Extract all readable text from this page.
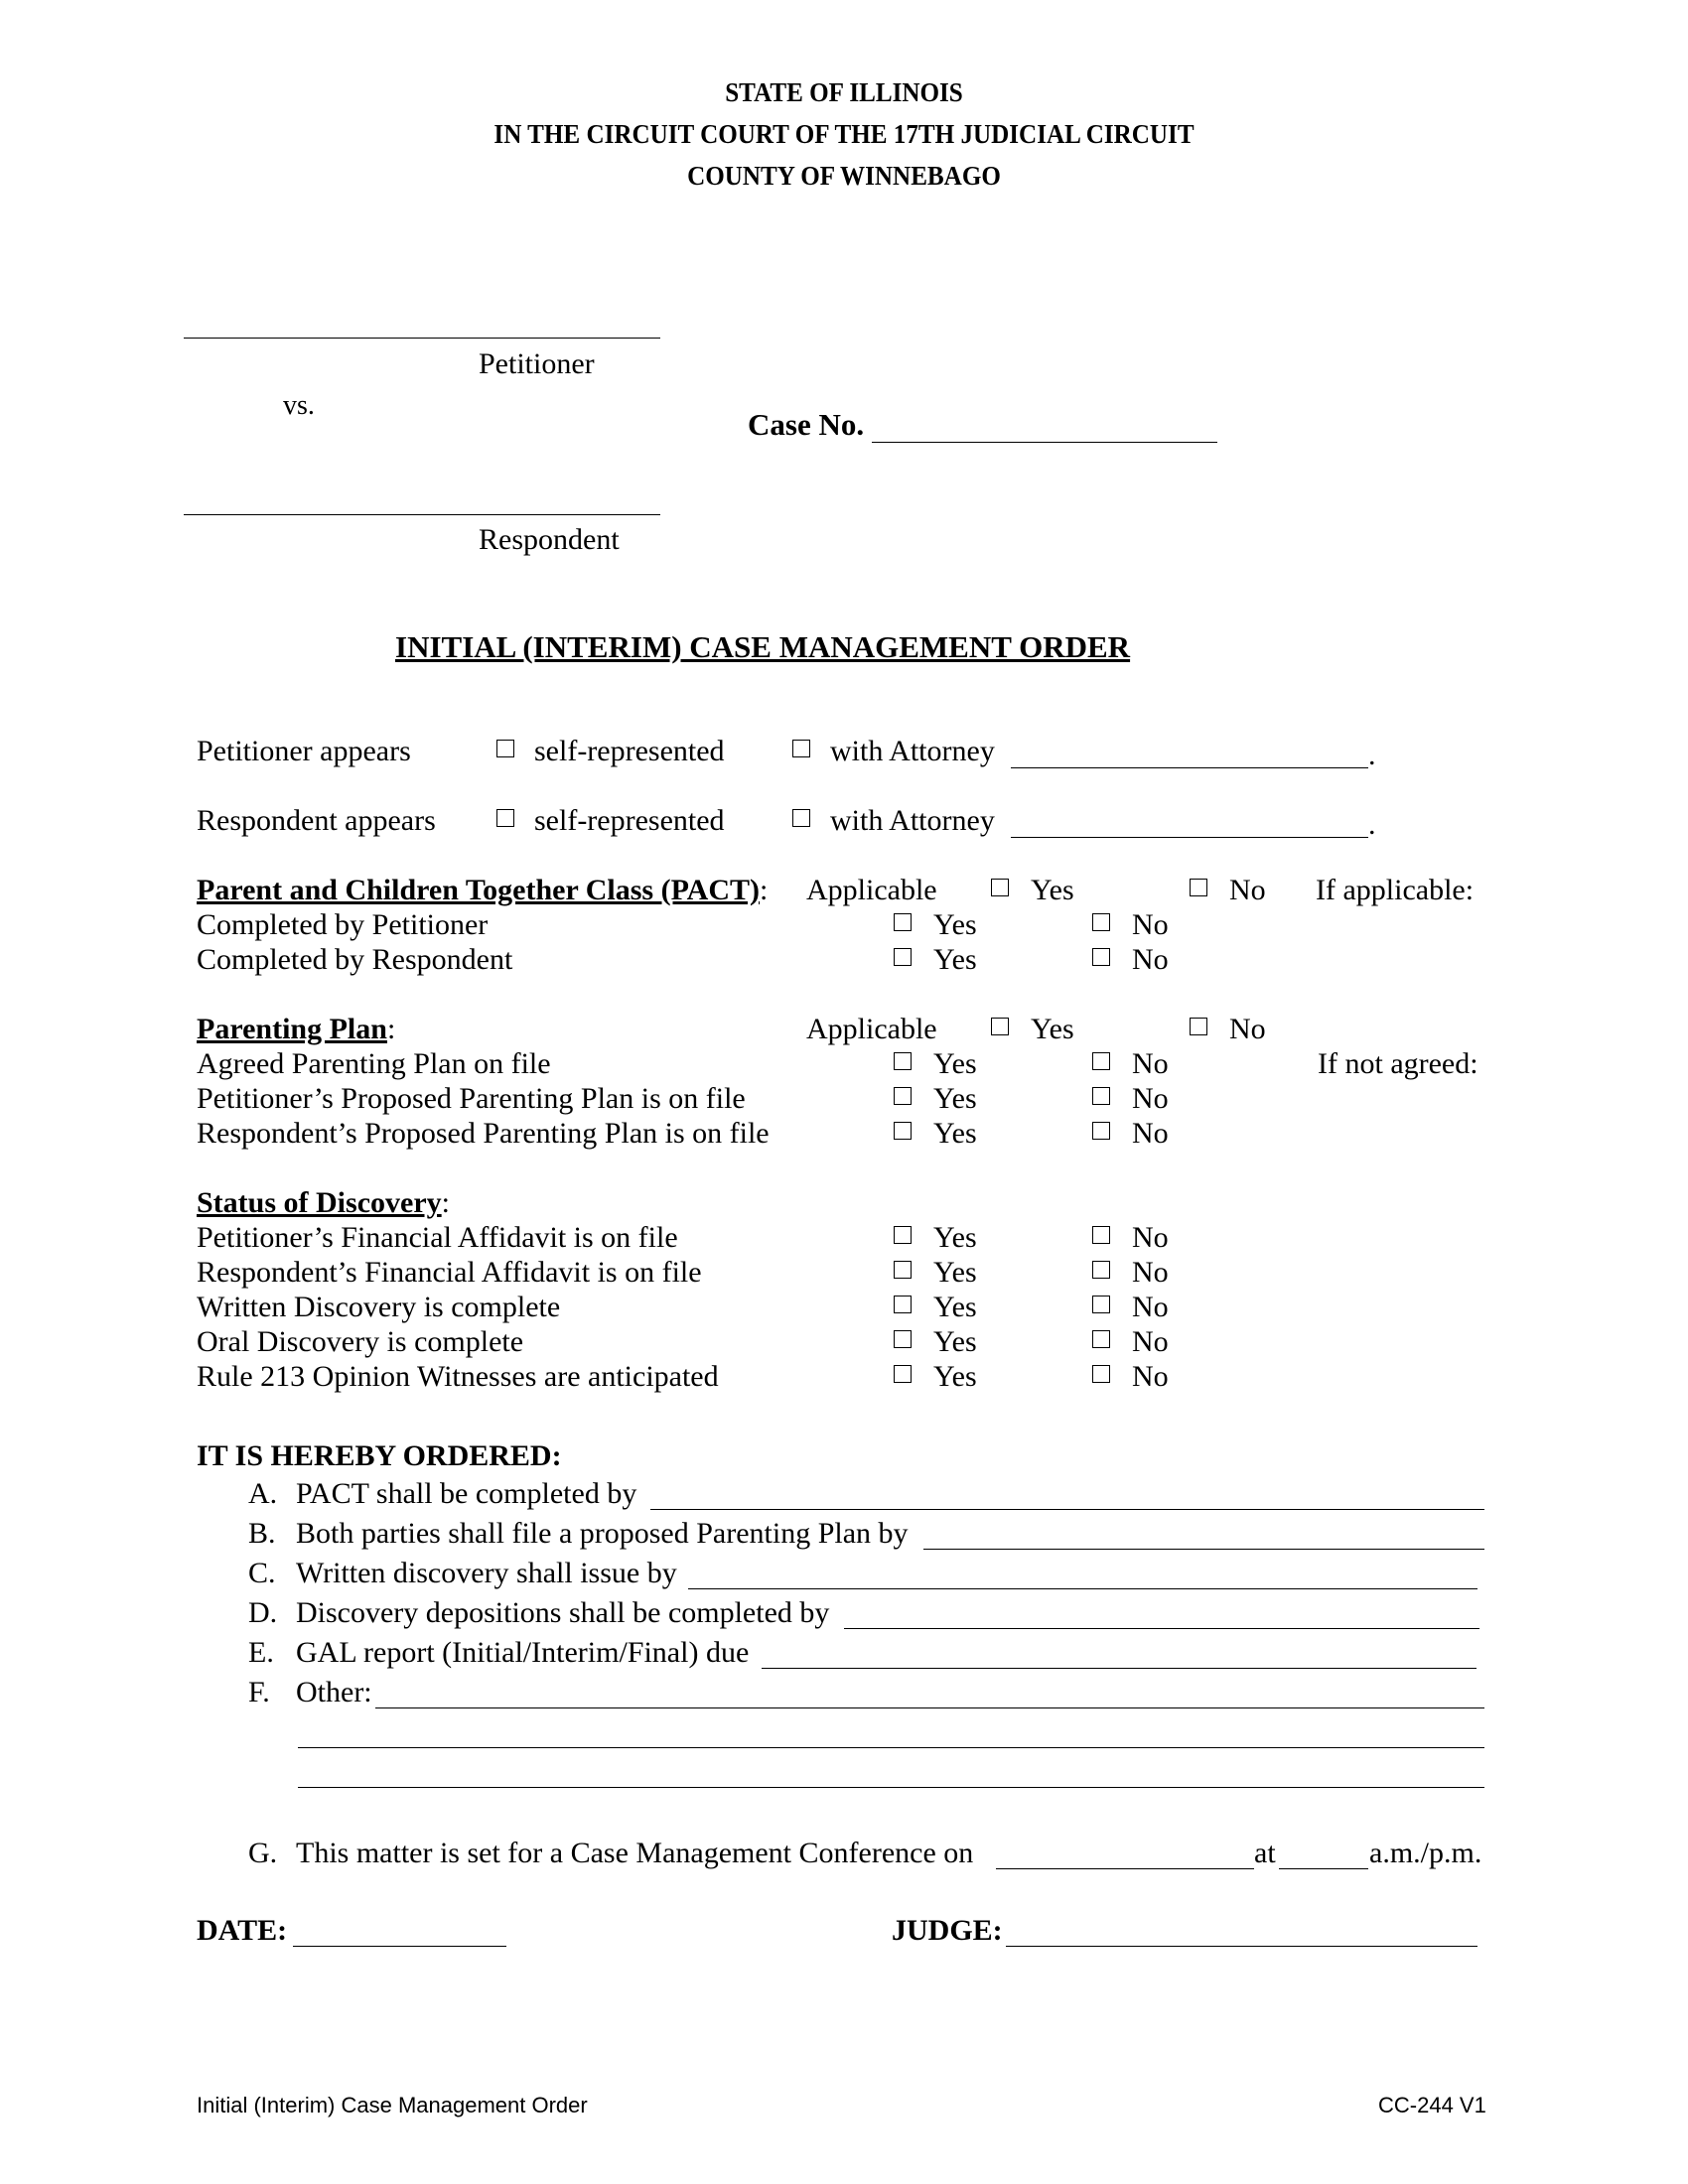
STATE OF ILLINOIS
IN THE CIRCUIT COURT OF THE 17TH JUDICIAL CIRCUIT
COUNTY OF WINNEBAGO
Petitioner
vs.
Case No.
Respondent
INITIAL (INTERIM) CASE MANAGEMENT ORDER
Petitioner appears	self-represented	with Attorney	.
Respondent appears	self-represented	with Attorney	.
Parent and Children Together Class (PACT): Applicable	Yes	No If applicable:
Completed by Petitioner	Yes	No
Completed by Respondent	Yes	No
Parenting Plan:	Applicable	Yes	No
Agreed Parenting Plan on file	Yes	No	If not agreed:
Petitioner’s Proposed Parenting Plan is on file	Yes	No
Respondent’s Proposed Parenting Plan is on file	Yes	No
Status of Discovery:
Petitioner’s Financial Affidavit is on file	Yes	No
Respondent’s Financial Affidavit is on file	Yes	No
Written Discovery is complete	Yes	No
Oral Discovery is complete	Yes	No
Rule 213 Opinion Witnesses are anticipated	Yes	No
IT IS HEREBY ORDERED:
A. PACT shall be completed by
B. Both parties shall file a proposed Parenting Plan by
C. Written discovery shall issue by
D. Discovery depositions shall be completed by
E. GAL report (Initial/Interim/Final) due
F. Other:
G. This matter is set for a Case Management Conference on	at	a.m./p.m.
DATE:	JUDGE:
Initial (Interim) Case Management Order	CC-244 V1
